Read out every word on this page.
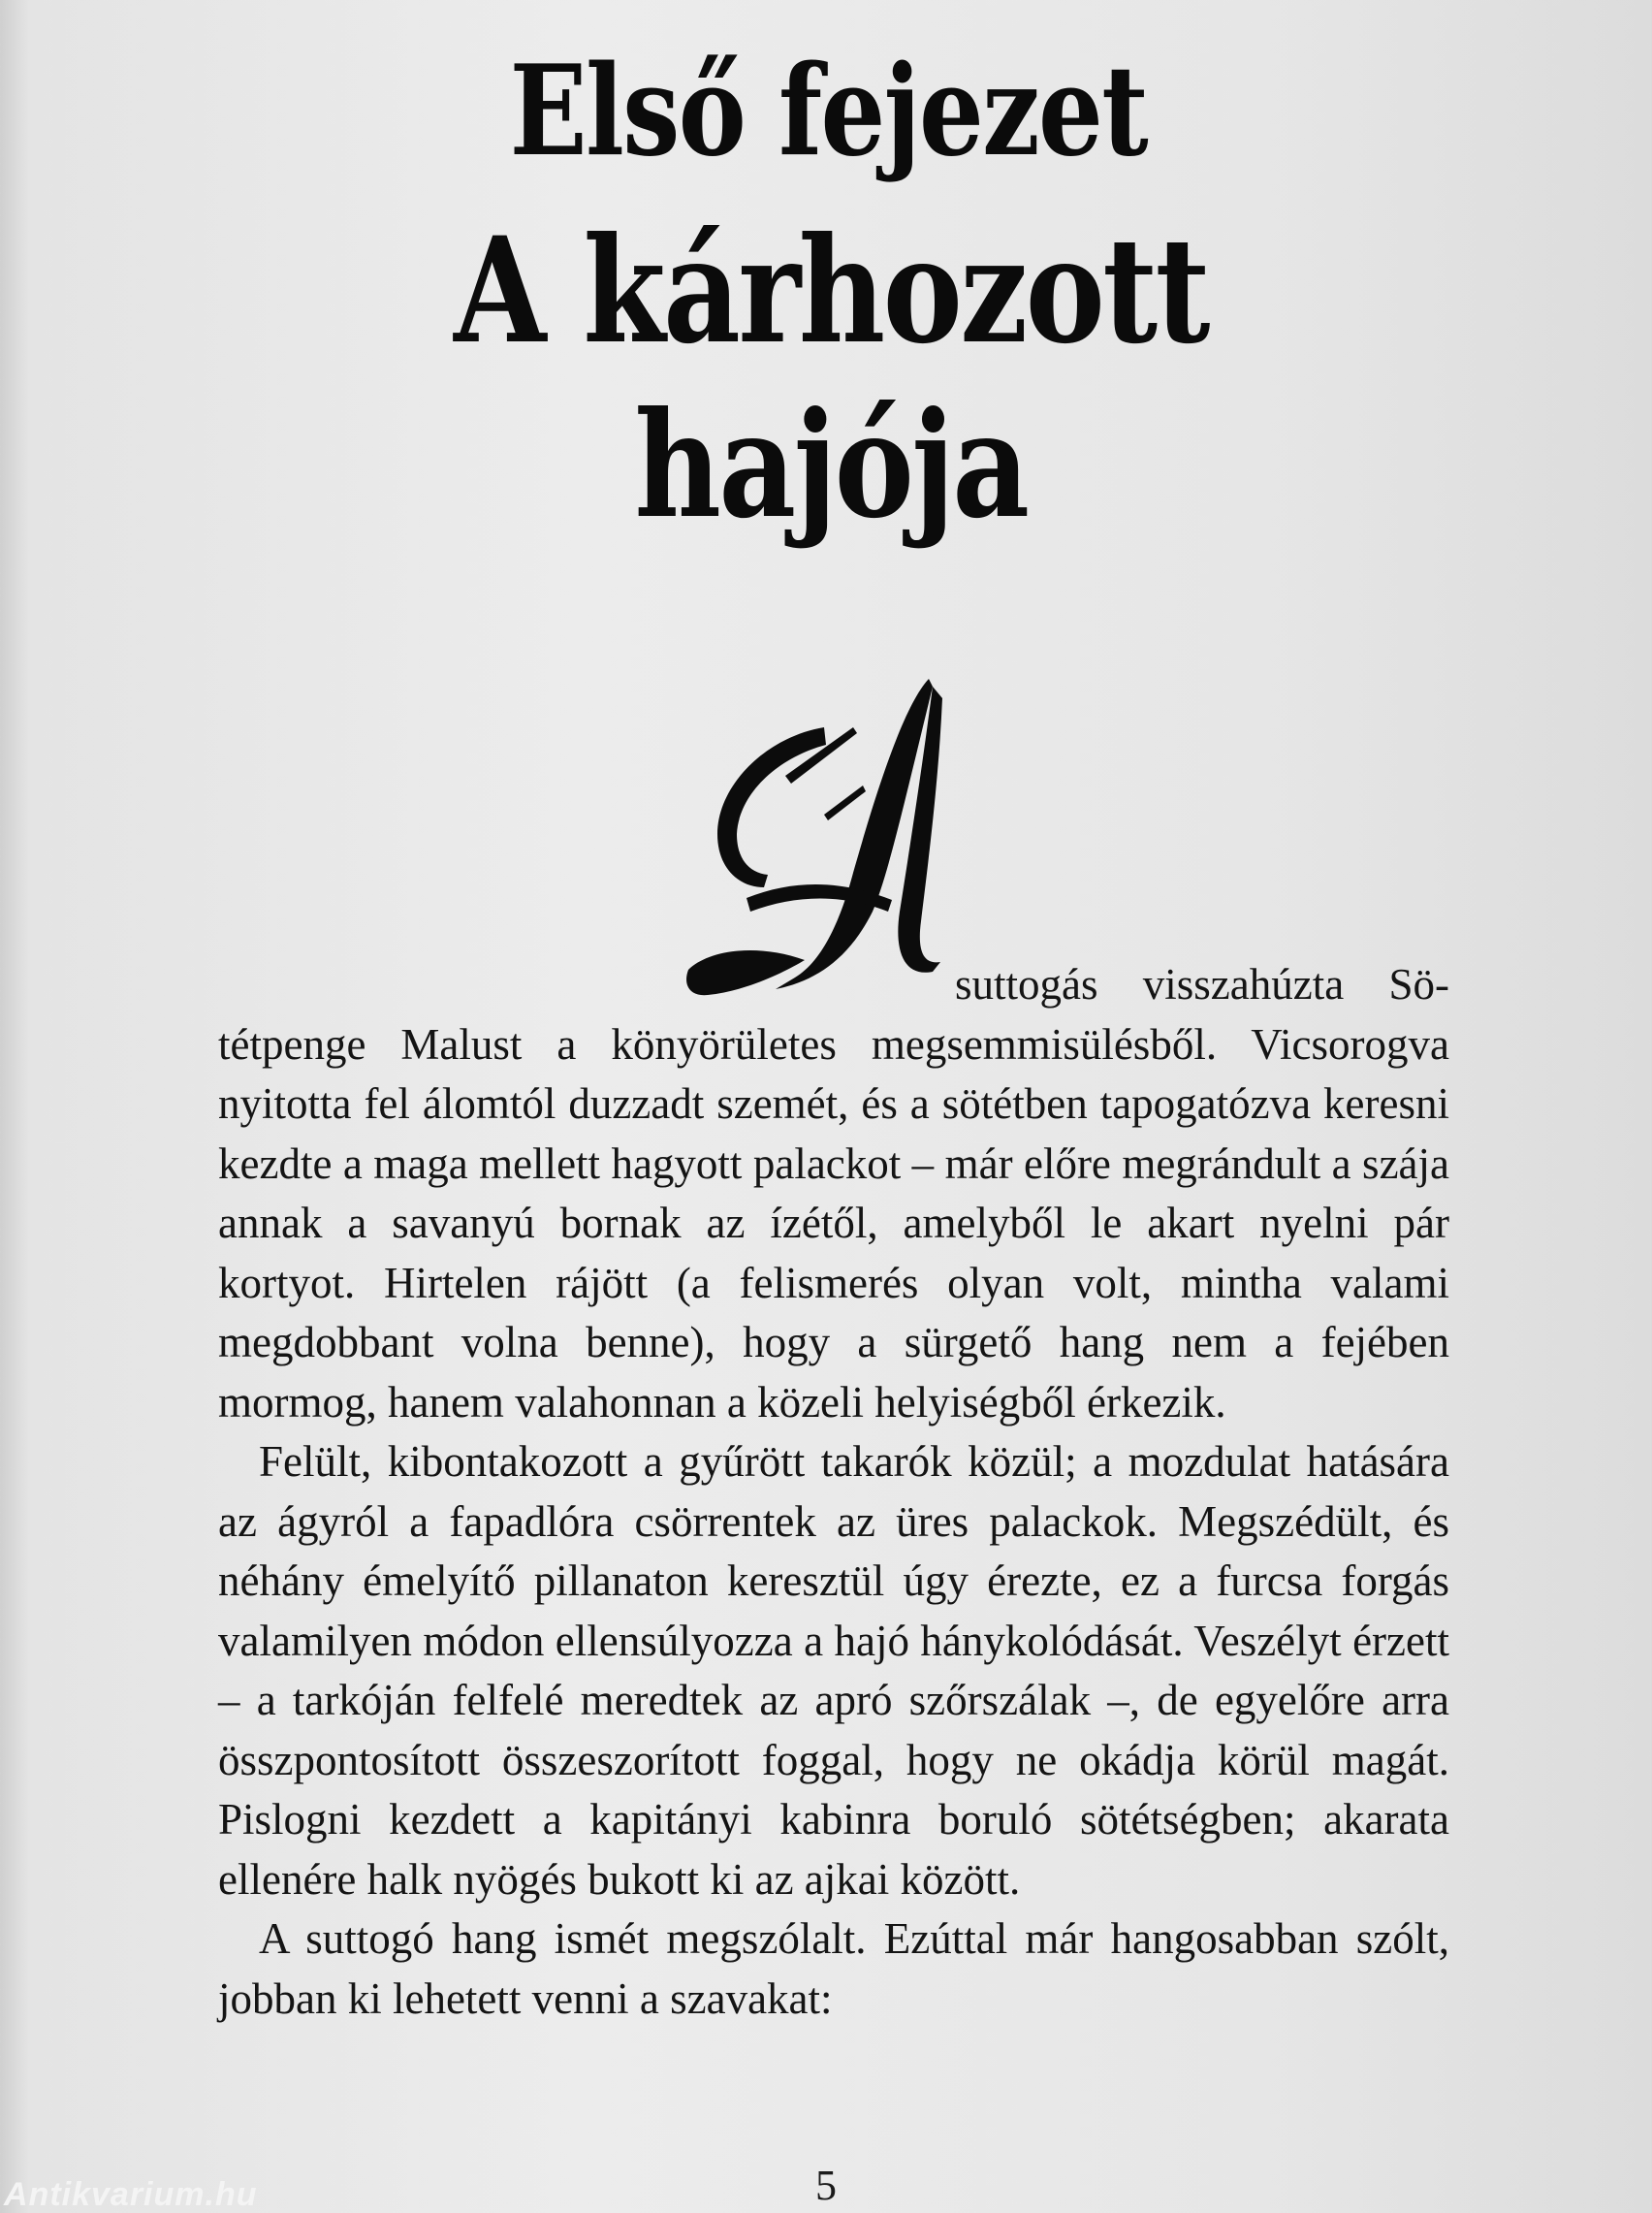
Első fejezet
A kárhozott
hajója
A

suttogás visszahúzta Sö-
tétpenge Malust a könyörületes megsemmisülésből. Vicsorogva nyitotta fel álomtól duzzadt szemét, és a sötétben tapogatózva keresni kezdte a maga mellett hagyott palackot – már előre megrándult a szája annak a savanyú bornak az ízétől, amelyből le akart nyelni pár kortyot. Hirtelen rájött (a felismerés olyan volt, mintha valami megdobbant volna benne), hogy a sürgető hang nem a fejében mormog, hanem valahonnan a közeli helyiségből érkezik.

Felült, kibontakozott a gyűrött takarók közül; a mozdulat hatására az ágyról a fapadlóra csörrentek az üres palackok. Megszédült, és néhány émelyítő pillanaton keresztül úgy érezte, ez a furcsa forgás valamilyen módon ellensúlyozza a hajó hánykolódását. Veszélyt érzett – a tarkóján felfelé meredtek az apró szőrszálak –, de egyelőre arra összpontosított összeszorított foggal, hogy ne okádja körül magát. Pislogni kezdett a kapitányi kabinra boruló sötétségben; akarata ellenére halk nyögés bukott ki az ajkai között.

A suttogó hang ismét megszólalt. Ezúttal már hangosabban szólt, jobban ki lehetett venni a szavakat:

5
Antikvarium.hu
